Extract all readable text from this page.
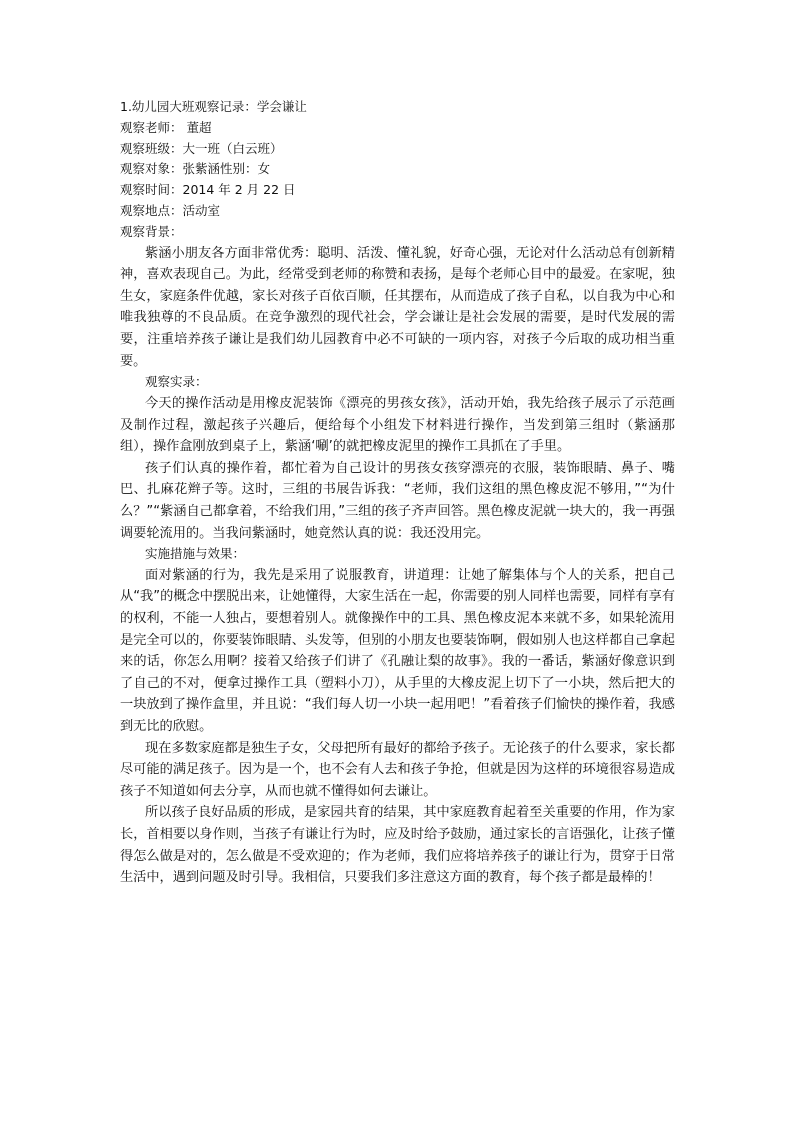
1.幼儿园大班观察记录：学会谦让

观察老师： 董超

观察班级：大一班（白云班）

观察对象：张紫涵性别：女

观察时间：2014 年 2 月 22 日

观察地点：活动室

观察背景：

紫涵小朋友各方面非常优秀：聪明、活泼、懂礼貌，好奇心强，无论对什么活动总有创新精神，喜欢表现自己。为此，经常受到老师的称赞和表扬，是每个老师心目中的最爱。在家呢，独生女，家庭条件优越，家长对孩子百依百顺，任其摆布，从而造成了孩子自私，以自我为中心和唯我独尊的不良品质。在竞争激烈的现代社会，学会谦让是社会发展的需要，是时代发展的需要，注重培养孩子谦让是我们幼儿园教育中必不可缺的一项内容，对孩子今后取的成功相当重要。

观察实录：

今天的操作活动是用橡皮泥装饰《漂亮的男孩女孩》，活动开始，我先给孩子展示了示范画及制作过程，激起孩子兴趣后，便给每个小组发下材料进行操作，当发到第三组时（紫涵那组），操作盒刚放到桌子上，紫涵‘唰’的就把橡皮泥里的操作工具抓在了手里。

孩子们认真的操作着，都忙着为自己设计的男孩女孩穿漂亮的衣服，装饰眼睛、鼻子、嘴巴、扎麻花辫子等。这时，三组的书展告诉我：“老师，我们这组的黑色橡皮泥不够用，”“为什么？”“紫涵自己都拿着，不给我们用，”三组的孩子齐声回答。黑色橡皮泥就一块大的，我一再强调要轮流用的。当我问紫涵时，她竟然认真的说：我还没用完。

实施措施与效果：

面对紫涵的行为，我先是采用了说服教育，讲道理：让她了解集体与个人的关系，把自己从“我”的概念中摆脱出来，让她懂得，大家生活在一起，你需要的别人同样也需要，同样有享有的权利，不能一人独占，要想着别人。就像操作中的工具、黑色橡皮泥本来就不多，如果轮流用是完全可以的，你要装饰眼睛、头发等，但别的小朋友也要装饰啊，假如别人也这样都自己拿起来的话，你怎么用啊？接着又给孩子们讲了《孔融让梨的故事》。我的一番话，紫涵好像意识到了自己的不对，便拿过操作工具（塑料小刀），从手里的大橡皮泥上切下了一小块，然后把大的一块放到了操作盒里，并且说：“我们每人切一小块一起用吧！”看着孩子们愉快的操作着，我感到无比的欣慰。

现在多数家庭都是独生子女，父母把所有最好的都给予孩子。无论孩子的什么要求，家长都尽可能的满足孩子。因为是一个，也不会有人去和孩子争抢，但就是因为这样的环境很容易造成孩子不知道如何去分享，从而也就不懂得如何去谦让。

所以孩子良好品质的形成，是家园共育的结果，其中家庭教育起着至关重要的作用，作为家长，首相要以身作则，当孩子有谦让行为时，应及时给予鼓励，通过家长的言语强化，让孩子懂得怎么做是对的，怎么做是不受欢迎的；作为老师，我们应将培养孩子的谦让行为，贯穿于日常生活中，遇到问题及时引导。我相信，只要我们多注意这方面的教育，每个孩子都是最棒的！
